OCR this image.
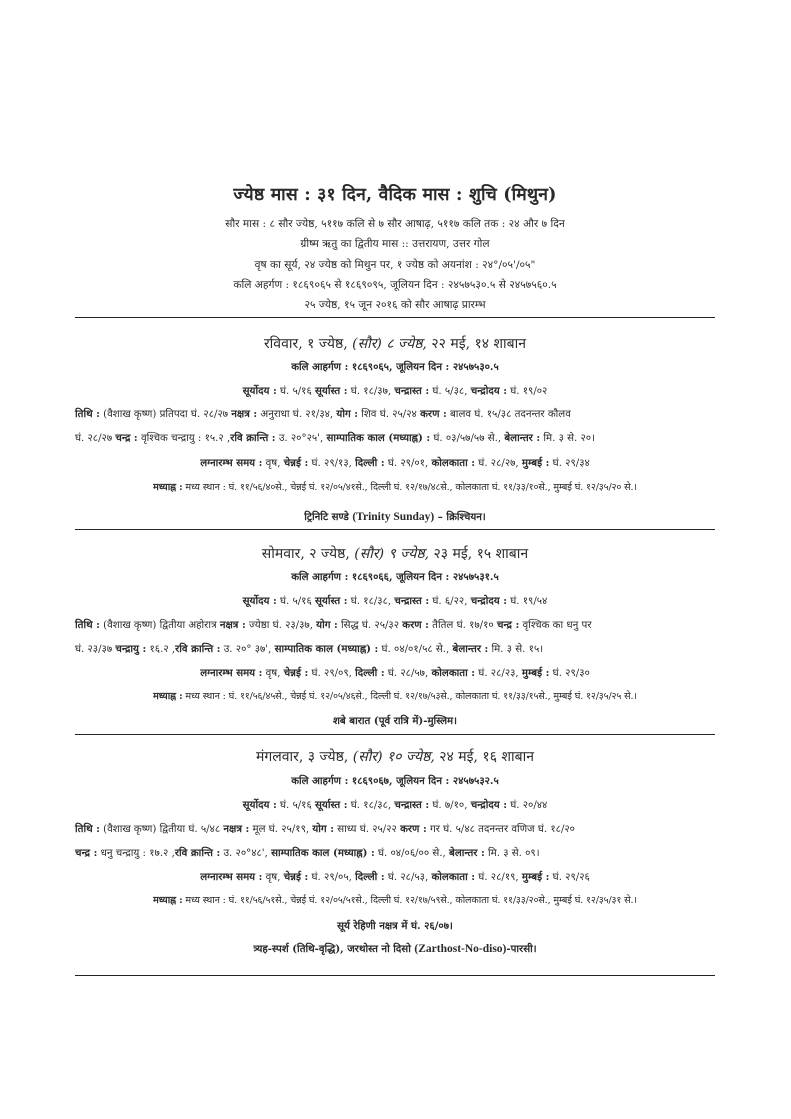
ज्येष्ठ मास : ३१ दिन, वैदिक मास : शुचि (मिथुन)
सौर मास : ८ सौर ज्येष्ठ, ५११७ कलि से ७ सौर आषाढ़, ५११७ कलि तक : २४ और ७ दिन
ग्रीष्म ऋतु का द्वितीय मास :: उत्तरायण, उत्तर गोल
वृष का सूर्य, २४ ज्येष्ठ को मिथुन पर, १ ज्येष्ठ को अयनांश : २४°/०५'/०५"
कलि अहर्गण : १८६९०६५ से १८६९०९५, जूलियन दिन : २४५७५३०.५ से २४५७५६०.५
२५ ज्येष्ठ, १५ जून २०१६ को सौर आषाढ़ प्रारम्भ
रविवार, १ ज्येष्ठ, (सौर) ८ ज्येष्ठ, २२ मई, १४ शाबान
कलि आहर्गण : १८६९०६५, जूलियन दिन : २४५७५३०.५
सूर्योदय : घं. ५/१६ सूर्यास्त : घं. १८/३७, चन्द्रास्त : घं. ५/३८, चन्द्रोदय : घं. १९/०२
तिथि : (वैशाख कृष्ण) प्रतिपदा घं. २८/२७ नक्षत्र : अनुराधा घं. २१/३४, योग : शिव घं. २५/२४ करण : बालव घं. १५/३८ तदनन्तर कौलव
घं. २८/२७ चन्द्र : वृश्चिक चन्द्रायु : १५.२ ,रवि क्रान्ति : उ. २०°२५', साम्पातिक काल (मध्याह्न) : घं. ०३/५७/५७ से., बेलान्तर : मि. ३ से. २०।
लग्नारम्भ समय : वृष, चेन्नई : घं. २९/१३, दिल्ली : घं. २९/०१, कोलकाता : घं. २८/२७, मुम्बई : घं. २९/३४
मध्याह्न : मध्य स्थान : घं. ११/५६/४०से., चेन्नई घं. १२/०५/४१से., दिल्ली घं. १२/१७/४८से., कोलकाता घं. ११/३३/१०से., मुम्बई घं. १२/३५/२० से.।
ट्रिनिटि सण्डे (Trinity Sunday) – क्रिश्चियन।
सोमवार, २ ज्येष्ठ, (सौर) ९ ज्येष्ठ, २३ मई, १५ शाबान
कलि आहर्गण : १८६९०६६, जूलियन दिन : २४५७५३१.५
सूर्योदय : घं. ५/१६ सूर्यास्त : घं. १८/३८, चन्द्रास्त : घं. ६/२२, चन्द्रोदय : घं. १९/५४
तिथि : (वैशाख कृष्ण) द्वितीया अहोरात्र नक्षत्र : ज्येष्ठा घं. २३/३७, योग : सिद्ध घं. २५/३२ करण : तैतिल घं. १७/१० चन्द्र : वृश्चिक का धनु पर
घं. २३/३७ चन्द्रायु : १६.२ ,रवि क्रान्ति : उ. २०° ३७', साम्पातिक काल (मध्याह्न) : घं. ०४/०१/५८ से., बेलान्तर : मि. ३ से. १५।
लग्नारम्भ समय : वृष, चेन्नई : घं. २९/०९, दिल्ली : घं. २८/५७, कोलकाता : घं. २८/२३, मुम्बई : घं. २९/३०
मध्याह्न : मध्य स्थान : घं. ११/५६/४५से., चेन्नई घं. १२/०५/४६से., दिल्ली घं. १२/१७/५३से., कोलकाता घं. ११/३३/१५से., मुम्बई घं. १२/३५/२५ से.।
शबे बारात (पूर्व रात्रि में)-मुस्लिम।
मंगलवार, ३ ज्येष्ठ, (सौर) १० ज्येष्ठ, २४ मई, १६ शाबान
कलि आहर्गण : १८६९०६७, जूलियन दिन : २४५७५३२.५
सूर्योदय : घं. ५/१६ सूर्यास्त : घं. १८/३८, चन्द्रास्त : घं. ७/१०, चन्द्रोदय : घं. २०/४४
तिथि : (वैशाख कृष्ण) द्वितीया घं. ५/४८ नक्षत्र : मूल घं. २५/१९, योग : साध्य घं. २५/२२ करण : गर घं. ५/४८ तदनन्तर वणिज घं. १८/२०
चन्द्र : धनु चन्द्रायु : १७.२ ,रवि क्रान्ति : उ. २०°४८', साम्पातिक काल (मध्याह्न) : घं. ०४/०६/०० से., बेलान्तर : मि. ३ से. ०९।
लग्नारम्भ समय : वृष, चेन्नई : घं. २९/०५, दिल्ली : घं. २८/५३, कोलकाता : घं. २८/१९, मुम्बई : घं. २९/२६
मध्याह्न : मध्य स्थान : घं. ११/५६/५१से., चेन्नई घं. १२/०५/५१से., दिल्ली घं. १२/१७/५९से., कोलकाता घं. ११/३३/२०से., मुम्बई घं. १२/३५/३१ से.।
सूर्य रेहिणी नक्षत्र में घं. २६/०७।
त्र्यह-स्पर्श (तिथि-वृद्धि), जरथोस्त नो दिसो (Zarthost-No-diso)-पारसी।
